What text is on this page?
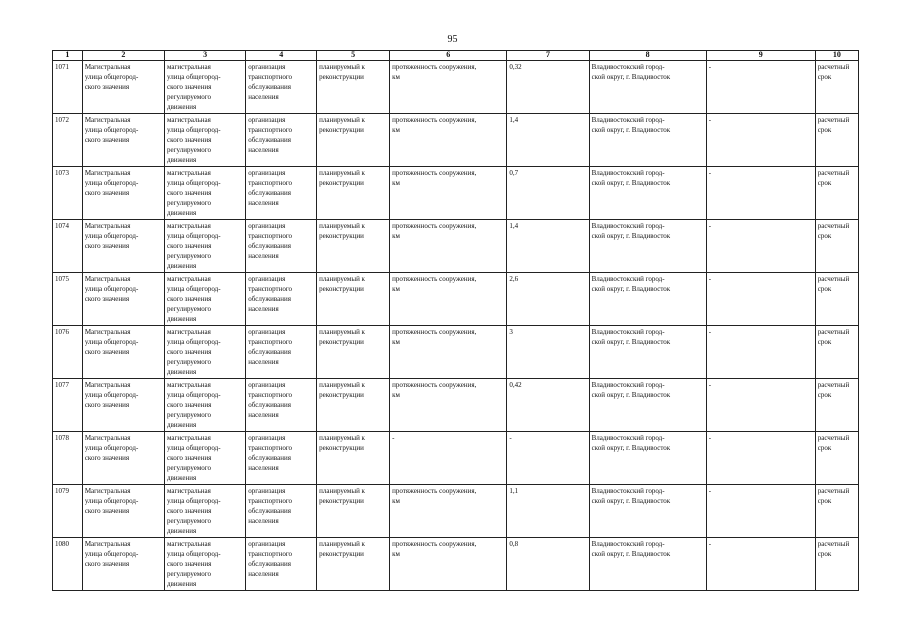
95
1	2	3	4	5	6	7	8	9	10
1071	Магистральная
улица общегород-
ского значения	магистральная
улица общегород-
ского значения
регулируемого
движения	организация
транспортного
обслуживания
населения	планируемый к
реконструкции	протяженность сооружения,
км	0,32	Владивостокский город-
ской округ, г. Владивосток	-	расчетный
срок
1072	Магистральная
улица общегород-
ского значения	магистральная
улица общегород-
ского значения
регулируемого
движения	организация
транспортного
обслуживания
населения	планируемый к
реконструкции	протяженность сооружения,
км	1,4	Владивостокский город-
ской округ, г. Владивосток	-	расчетный
срок
1073	Магистральная
улица общегород-
ского значения	магистральная
улица общегород-
ского значения
регулируемого
движения	организация
транспортного
обслуживания
населения	планируемый к
реконструкции	протяженность сооружения,
км	0,7	Владивостокский город-
ской округ, г. Владивосток	-	расчетный
срок
1074	Магистральная
улица общегород-
ского значения	магистральная
улица общегород-
ского значения
регулируемого
движения	организация
транспортного
обслуживания
населения	планируемый к
реконструкции	протяженность сооружения,
км	1,4	Владивостокский город-
ской округ, г. Владивосток	-	расчетный
срок
1075	Магистральная
улица общегород-
ского значения	магистральная
улица общегород-
ского значения
регулируемого
движения	организация
транспортного
обслуживания
населения	планируемый к
реконструкции	протяженность сооружения,
км	2,6	Владивостокский город-
ской округ, г. Владивосток	-	расчетный
срок
1076	Магистральная
улица общегород-
ского значения	магистральная
улица общегород-
ского значения
регулируемого
движения	организация
транспортного
обслуживания
населения	планируемый к
реконструкции	протяженность сооружения,
км	3	Владивостокский город-
ской округ, г. Владивосток	-	расчетный
срок
1077	Магистральная
улица общегород-
ского значения	магистральная
улица общегород-
ского значения
регулируемого
движения	организация
транспортного
обслуживания
населения	планируемый к
реконструкции	протяженность сооружения,
км	0,42	Владивостокский город-
ской округ, г. Владивосток	-	расчетный
срок
1078	Магистральная
улица общегород-
ского значения	магистральная
улица общегород-
ского значения
регулируемого
движения	организация
транспортного
обслуживания
населения	планируемый к
реконструкции	-	-	Владивостокский город-
ской округ, г. Владивосток	-	расчетный
срок
1079	Магистральная
улица общегород-
ского значения	магистральная
улица общегород-
ского значения
регулируемого
движения	организация
транспортного
обслуживания
населения	планируемый к
реконструкции	протяженность сооружения,
км	1,1	Владивостокский город-
ской округ, г. Владивосток	-	расчетный
срок
1080	Магистральная
улица общегород-
ского значения	магистральная
улица общегород-
ского значения
регулируемого
движения	организация
транспортного
обслуживания
населения	планируемый к
реконструкции	протяженность сооружения,
км	0,8	Владивостокский город-
ской округ, г. Владивосток	-	расчетный
срок
